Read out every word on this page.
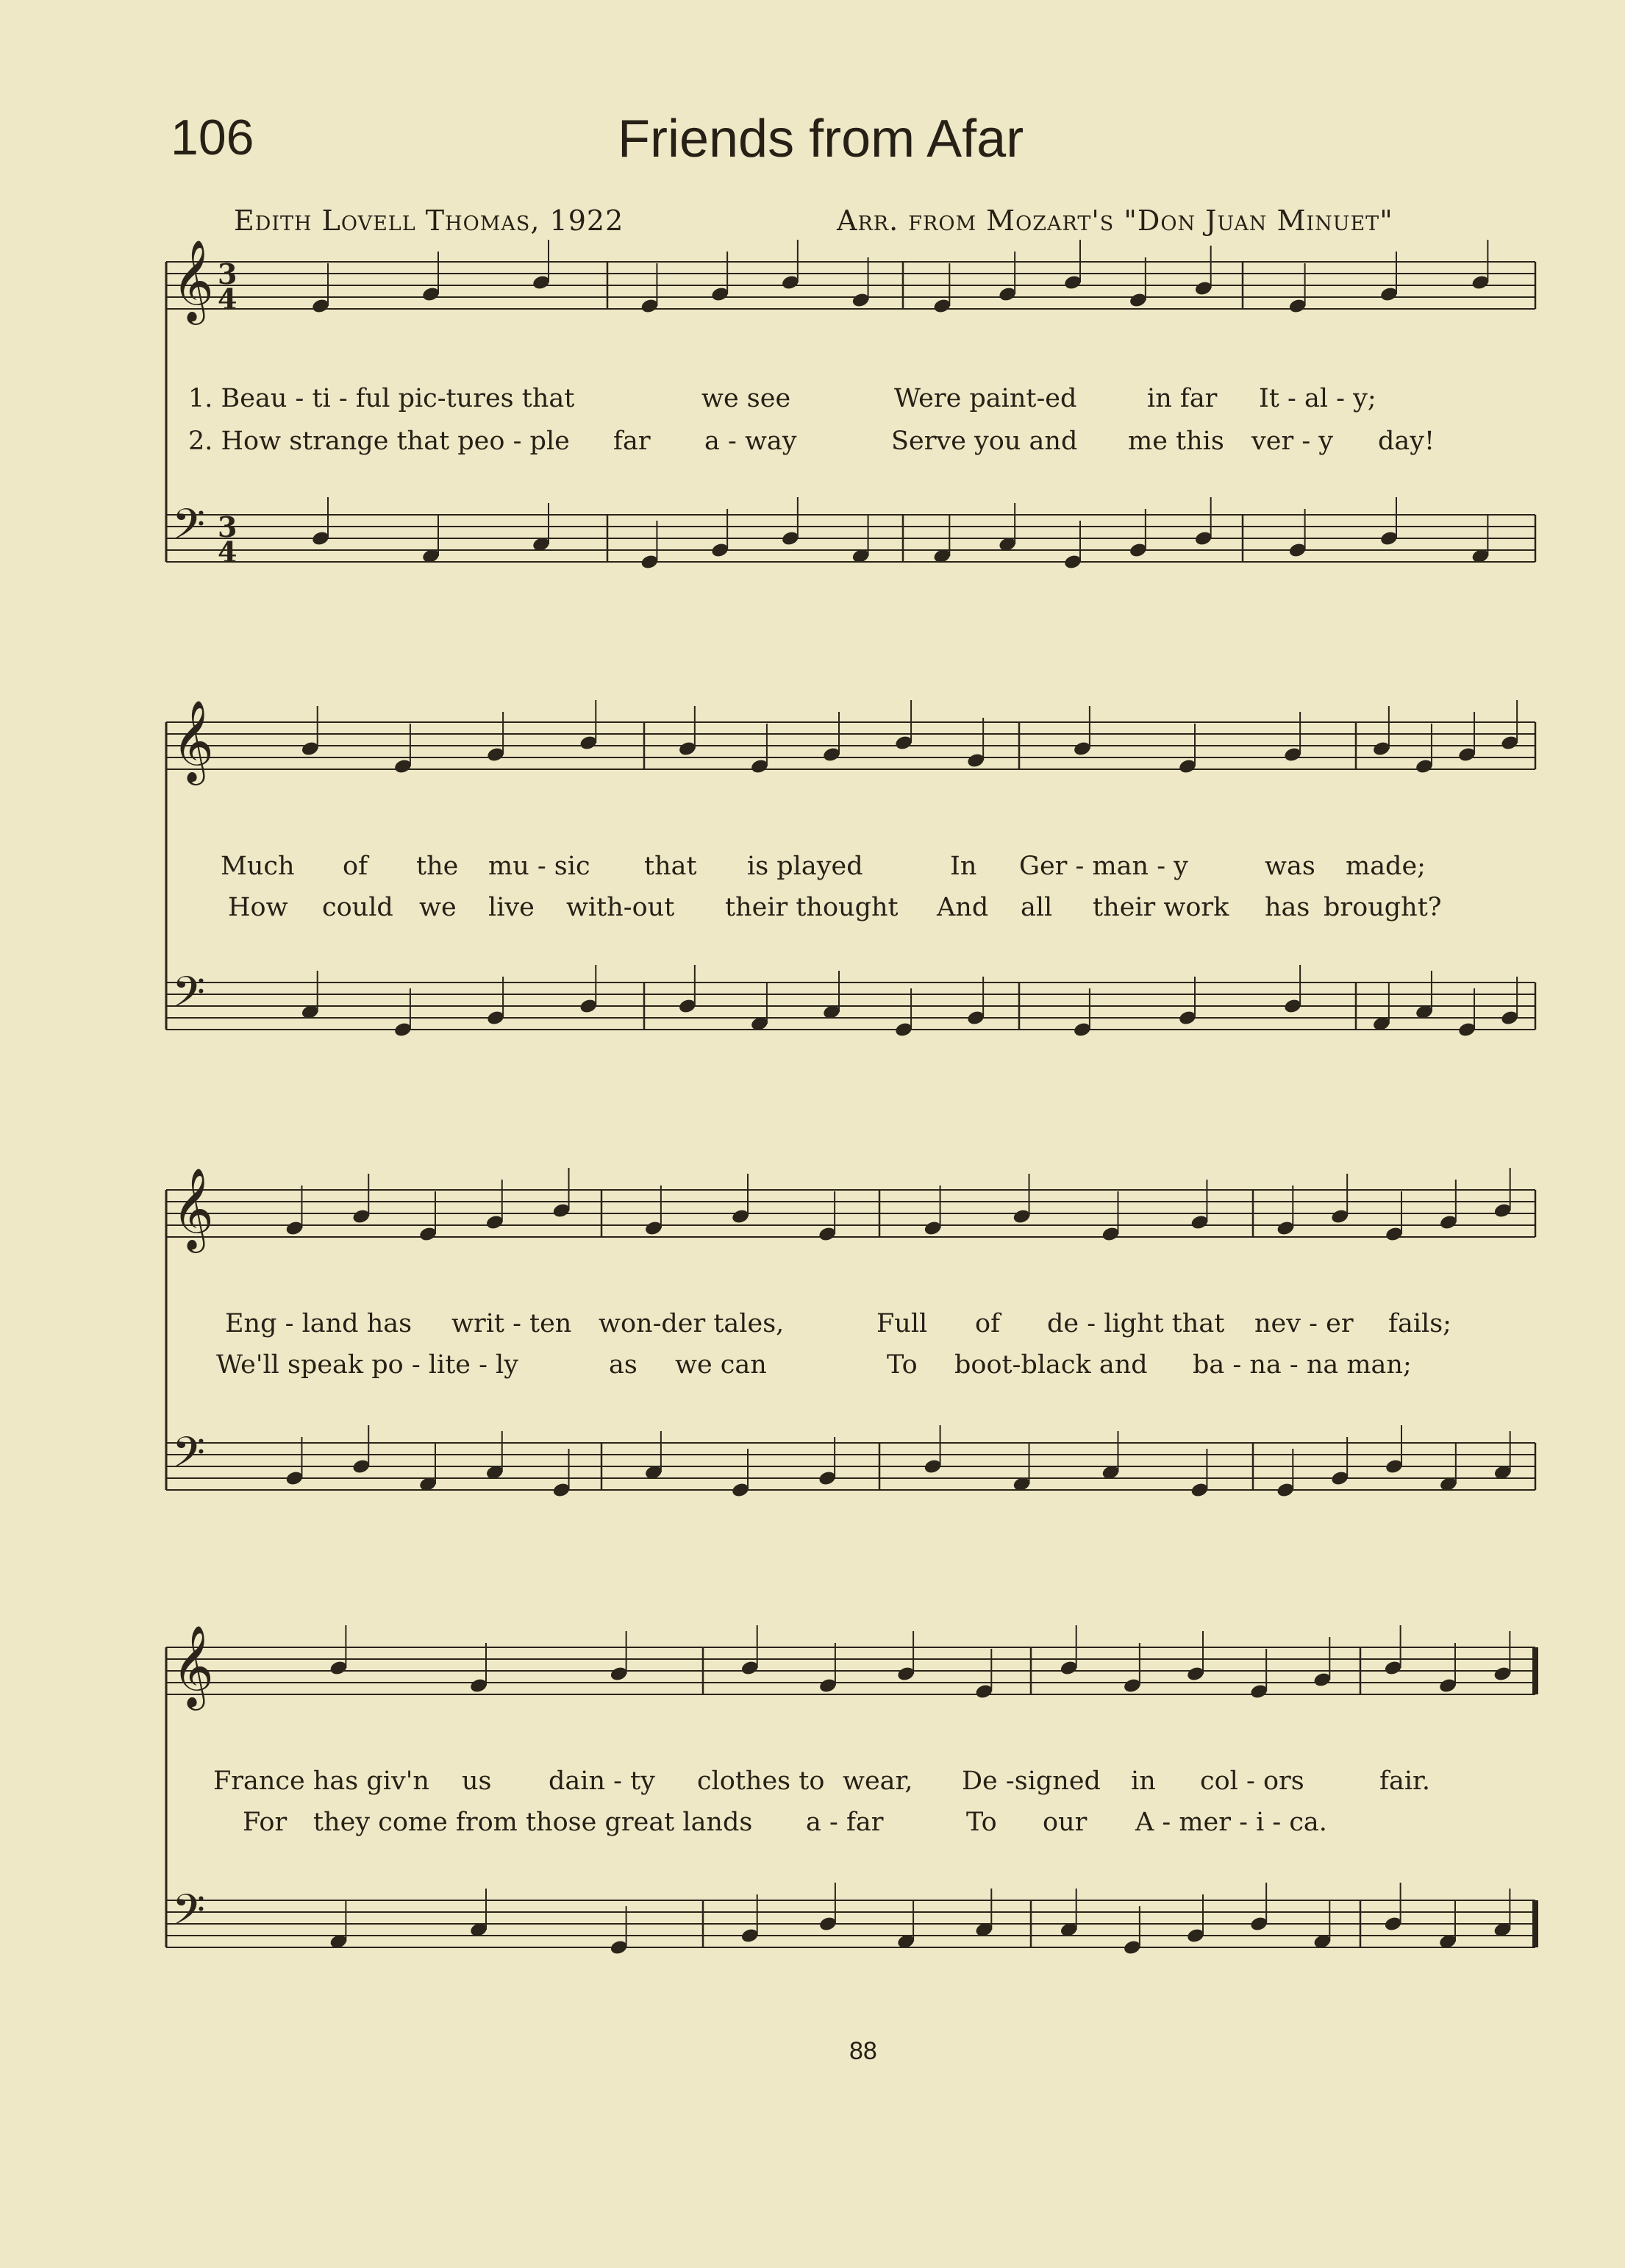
106	Friends from Afar
Edith Lovell Thomas, 1922	Arr. from Mozart's "Don Juan Minuet"
𝄞 3
4
𝄢 3
4
𝄞
𝄢
𝄞
𝄢
𝄞
𝄢
1. Beau - ti - ful pic-tures that	we see	Were paint-ed	in far It - al - y;
2. How strange that peo - ple far a - way	Serve you and me this ver - y day!
Much of the mu - sic that is played	In Ger - man - y	was made;
How could we live with-out their thought And all their work has brought?
Eng - land has writ - ten won-der tales,	Full of de - light that nev - er fails;
We'll speak po - lite - ly	as we can	To boot-black and ba - na - na man;
France has giv'n us dain - ty clothes to wear, De -signed in col - ors	fair.
For they come from those great lands a - far	To our A - mer - i - ca.
88
